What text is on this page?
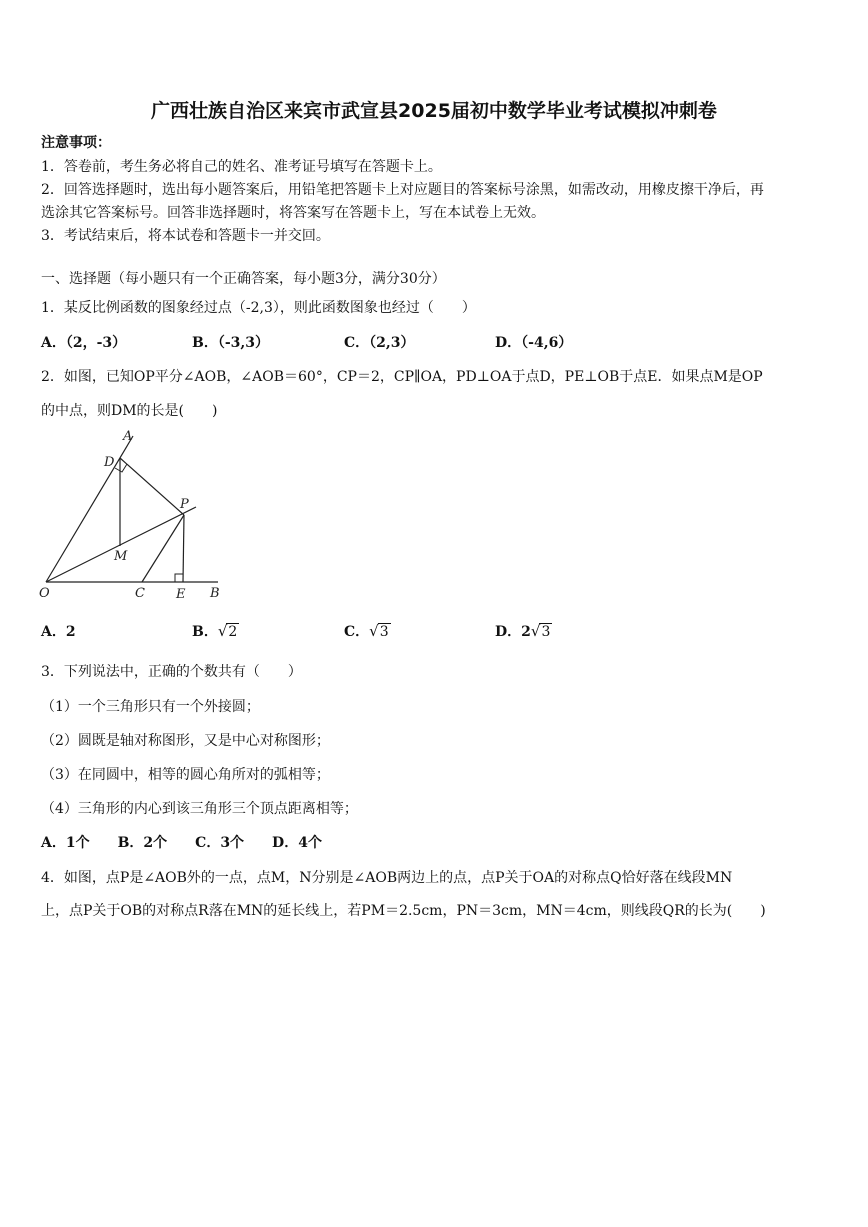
广西壮族自治区来宾市武宣县2025届初中数学毕业考试模拟冲刺卷
注意事项：
1．答卷前，考生务必将自己的姓名、准考证号填写在答题卡上。
2．回答选择题时，选出每小题答案后，用铅笔把答题卡上对应题目的答案标号涂黑，如需改动，用橡皮擦干净后，再
选涂其它答案标号。回答非选择题时，将答案写在答题卡上，写在本试卷上无效。
3．考试结束后，将本试卷和答题卡一并交回。
一、选择题（每小题只有一个正确答案，每小题3分，满分30分）
1．某反比例函数的图象经过点（-2,3），则此函数图象也经过（　　）
A．（2，-3）	B．（-3,3）	C．（2,3）	D．（-4,6）
2．如图，已知OP平分∠AOB，∠AOB＝60°，CP＝2，CP∥OA，PD⊥OA于点D，PE⊥OB于点E．如果点M是OP
的中点，则DM的长是(　　)
A
D
P
M
O	C E B
A．2	B．√2	C．√3	D．2√3
3．下列说法中，正确的个数共有（　　）
（1）一个三角形只有一个外接圆；
（2）圆既是轴对称图形，又是中心对称图形；
（3）在同圆中，相等的圆心角所对的弧相等；
（4）三角形的内心到该三角形三个顶点距离相等；
A．1个　　B．2个　　C．3个　　D．4个
4．如图，点P是∠AOB外的一点，点M，N分别是∠AOB两边上的点，点P关于OA的对称点Q恰好落在线段MN
上，点P关于OB的对称点R落在MN的延长线上，若PM＝2.5cm，PN＝3cm，MN＝4cm，则线段QR的长为(　　)
